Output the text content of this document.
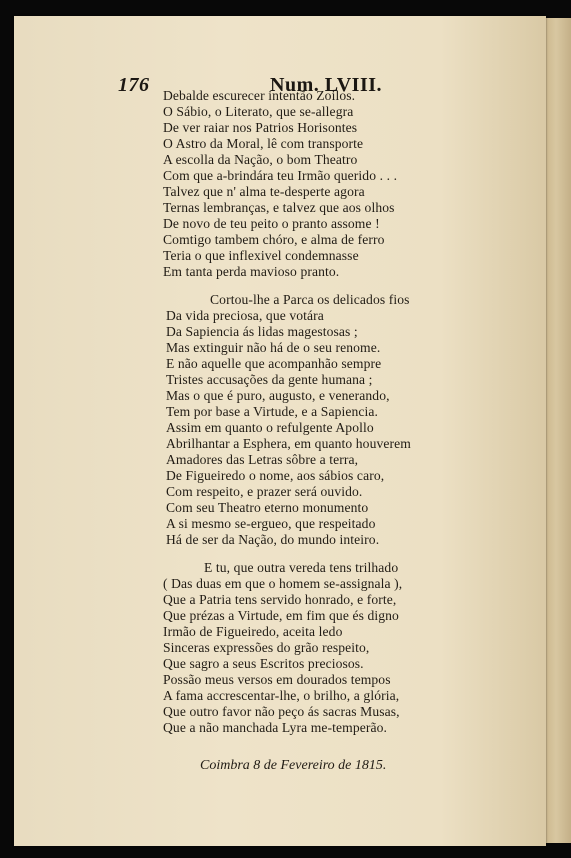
176	Num. LVIII.
Debalde escurecer intentão Zoilos.
O Sábio, o Literato, que se-allegra
De ver raiar nos Patrios Horisontes
O Astro da Moral, lê com transporte
A escolla da Nação, o bom Theatro
Com que a-brindára teu Irmão querido . . .
Talvez que n' alma te-desperte agora
Ternas lembranças, e talvez que aos olhos
De novo de teu peito o pranto assome !
Comtigo tambem chóro, e alma de ferro
Teria o que inflexivel condemnasse
Em tanta perda mavioso pranto.
Cortou-lhe a Parca os delicados fios
Da vida preciosa, que votára
Da Sapiencia ás lidas magestosas ;
Mas extinguir não há de o seu renome.
E não aquelle que acompanhão sempre
Tristes accusações da gente humana ;
Mas o que é puro, augusto, e venerando,
Tem por base a Virtude, e a Sapiencia.
Assim em quanto o refulgente Apollo
Abrilhantar a Esphera, em quanto houverem
Amadores das Letras sôbre a terra,
De Figueiredo o nome, aos sábios caro,
Com respeito, e prazer será ouvido.
Com seu Theatro eterno monumento
A si mesmo se-ergueo, que respeitado
Há de ser da Nação, do mundo inteiro.
E tu, que outra vereda tens trilhado
( Das duas em que o homem se-assignala ),
Que a Patria tens servido honrado, e forte,
Que prézas a Virtude, em fim que és digno
Irmão de Figueiredo, aceita ledo
Sinceras expressões do grão respeito,
Que sagro a seus Escritos preciosos.
Possão meus versos em dourados tempos
A fama accrescentar-lhe, o brilho, a glória,
Que outro favor não peço ás sacras Musas,
Que a não manchada Lyra me-temperão.
Coimbra 8 de Fevereiro de 1815.
